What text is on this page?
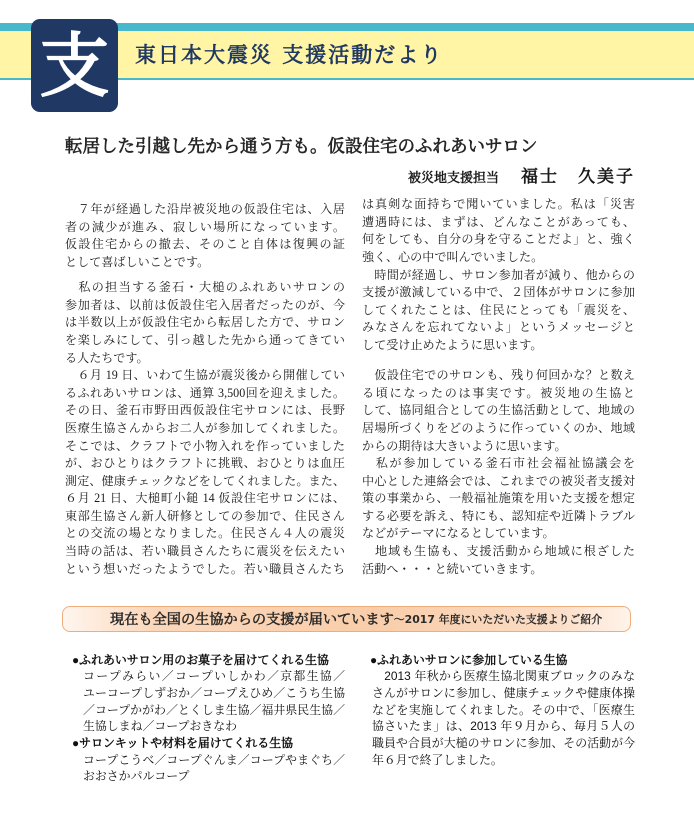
支 東日本大震災 支援活動だより
転居した引越し先から通う方も。仮設住宅のふれあいサロン
被災地支援担当 福士　久美子
　７年が経過した沿岸被災地の仮設住宅は、入居
者の減少が進み、寂しい場所になっています。
仮設住宅からの撤去、そのこと自体は復興の証
として喜ばしいことです。
　私の担当する釜石・大槌のふれあいサロンの
参加者は、以前は仮設住宅入居者だったのが、今
は半数以上が仮設住宅から転居した方で、サロン
を楽しみにして、引っ越した先から通ってきてい
る人たちです。
　６月 19 日、いわて生協が震災後から開催してい
るふれあいサロンは、通算 3,500回を迎えました。
その日、釜石市野田西仮設住宅サロンには、長野
医療生協さんからお二人が参加してくれました。
そこでは、クラフトで小物入れを作っていました
が、おひとりはクラフトに挑戦、おひとりは血圧
測定、健康チェックなどをしてくれました。また、
６月 21 日、大槌町小鎚 14 仮設住宅サロンには、
東部生協さん新人研修としての参加で、住民さん
との交流の場となりました。住民さん４人の震災
当時の話は、若い職員さんたちに震災を伝えたい
という想いだったようでした。若い職員さんたち
は真剣な面持ちで聞いていました。私は「災害
遭遇時には、まずは、どんなことがあっても、
何をしても、自分の身を守ることだよ」と、強く
強く、心の中で叫んでいました。
　時間が経過し、サロン参加者が減り、他からの
支援が激減している中で、２団体がサロンに参加
してくれたことは、住民にとっても「震災を、
みなさんを忘れてないよ」というメッセージと
して受け止めたように思います。
　仮設住宅でのサロンも、残り何回かな？と数え
る頃になったのは事実です。被災地の生協と
して、協同組合としての生協活動として、地域の
居場所づくりをどのように作っていくのか、地域
からの期待は大きいように思います。
　私が参加している釜石市社会福祉協議会を
中心とした連絡会では、これまでの被災者支援対
策の事業から、一般福祉施策を用いた支援を想定
する必要を訴え、特にも、認知症や近隣トラブル
などがテーマになるとしています。
　地域も生協も、支援活動から地域に根ざした
活動へ・・・と続いていきます。
現在も全国の生協からの支援が届いています ～2017 年度にいただいた支援よりご紹介
●ふれあいサロン用のお菓子を届けてくれる生協
コープみらい／コープいしかわ／京都生協／
ユーコープしずおか／コープえひめ／こうち生協
／コープかがわ／とくしま生協／福井県民生協／
生協しまね／コープおきなわ
●サロンキットや材料を届けてくれる生協
コープこうべ／コープぐんま／コープやまぐち／
おおさかパルコープ
●ふれあいサロンに参加している生協
　2013 年秋から医療生協北関東ブロックのみな
さんがサロンに参加し、健康チェックや健康体操
などを実施してくれました。その中で、「医療生
協さいたま」は、2013 年９月から、毎月５人の
職員や合員が大槌のサロンに参加、その活動が今
年６月で終了しました。
